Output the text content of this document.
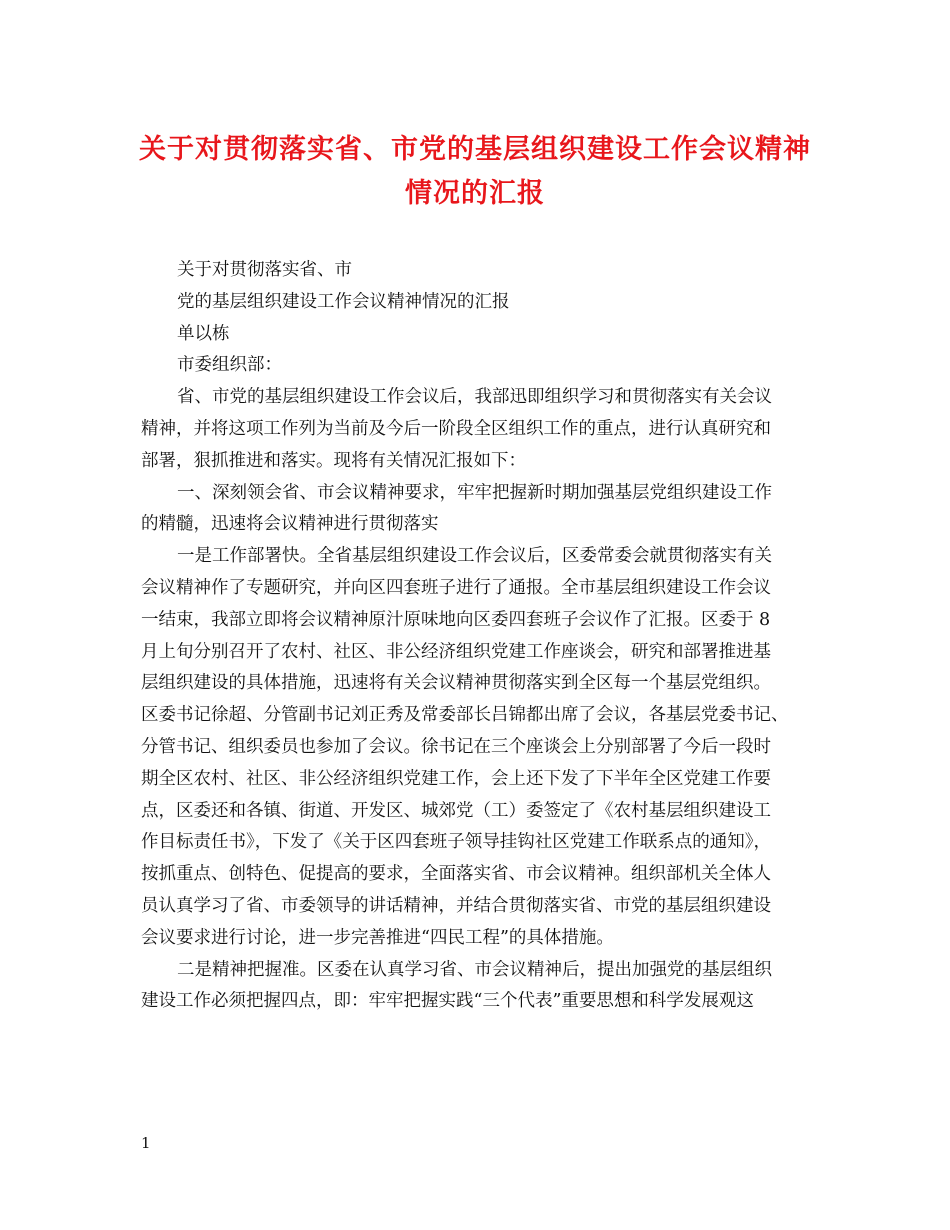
关于对贯彻落实省、市党的基层组织建设工作会议精神
情况的汇报
关于对贯彻落实省、市
党的基层组织建设工作会议精神情况的汇报
单以栋
市委组织部：
省、市党的基层组织建设工作会议后，我部迅即组织学习和贯彻落实有关会议
精神，并将这项工作列为当前及今后一阶段全区组织工作的重点，进行认真研究和
部署，狠抓推进和落实。现将有关情况汇报如下：
一、深刻领会省、市会议精神要求，牢牢把握新时期加强基层党组织建设工作
的精髓，迅速将会议精神进行贯彻落实
一是工作部署快。全省基层组织建设工作会议后，区委常委会就贯彻落实有关
会议精神作了专题研究，并向区四套班子进行了通报。全市基层组织建设工作会议
一结束，我部立即将会议精神原汁原味地向区委四套班子会议作了汇报。区委于 8
月上旬分别召开了农村、社区、非公经济组织党建工作座谈会，研究和部署推进基
层组织建设的具体措施，迅速将有关会议精神贯彻落实到全区每一个基层党组织。
区委书记徐超、分管副书记刘正秀及常委部长吕锦都出席了会议，各基层党委书记、
分管书记、组织委员也参加了会议。徐书记在三个座谈会上分别部署了今后一段时
期全区农村、社区、非公经济组织党建工作，会上还下发了下半年全区党建工作要
点，区委还和各镇、街道、开发区、城郊党（工）委签定了《农村基层组织建设工
作目标责任书》，下发了《关于区四套班子领导挂钩社区党建工作联系点的通知》，
按抓重点、创特色、促提高的要求，全面落实省、市会议精神。组织部机关全体人
员认真学习了省、市委领导的讲话精神，并结合贯彻落实省、市党的基层组织建设
会议要求进行讨论，进一步完善推进“四民工程”的具体措施。
二是精神把握准。区委在认真学习省、市会议精神后，提出加强党的基层组织
建设工作必须把握四点，即：牢牢把握实践“三个代表”重要思想和科学发展观这
1
